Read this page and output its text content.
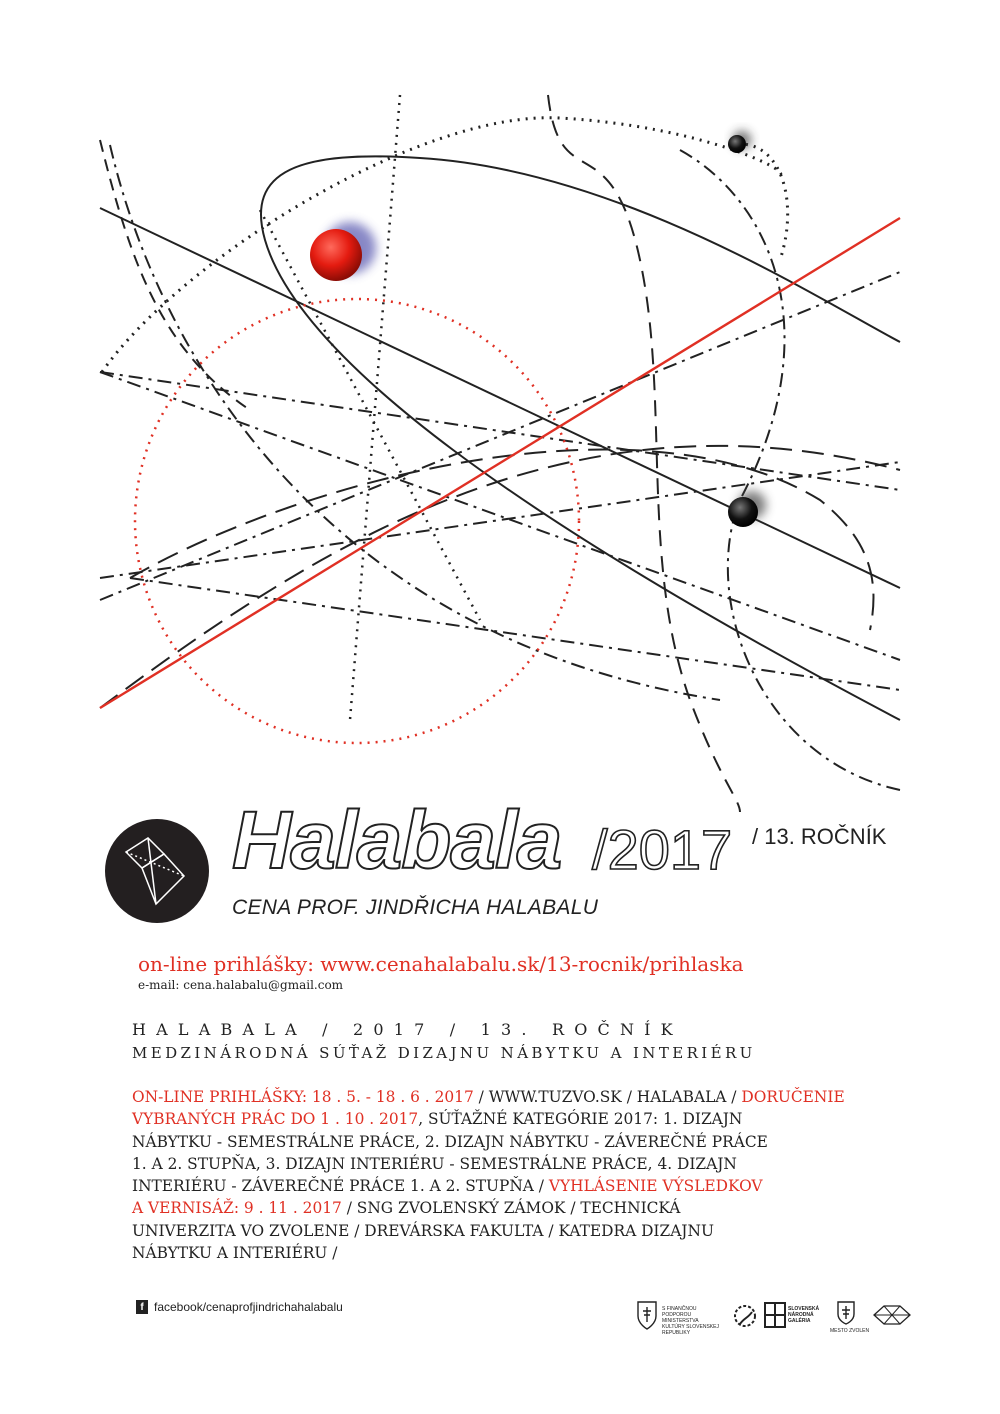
Halabala /2017 / 13. ROČNÍK
CENA PROF. JINDŘICHA HALABALU
on-line prihlášky: www.cenahalabalu.sk/13-rocnik/prihlaska
e-mail: cena.halabalu@gmail.com
HALABALA / 2017 / 13. ROČNÍK
MEDZINÁRODNÁ SÚŤAŽ DIZAJNU NÁBYTKU A INTERIÉRU
ON-LINE PRIHLÁŠKY: 18 . 5. - 18 . 6 . 2017 / WWW.TUZVO.SK / HALABALA / DORUČENIE
VYBRANÝCH PRÁC DO 1 . 10 . 2017, SÚŤAŽNÉ KATEGÓRIE 2017: 1. DIZAJN
NÁBYTKU - SEMESTRÁLNE PRÁCE, 2. DIZAJN NÁBYTKU - ZÁVEREČNÉ PRÁCE
1. A 2. STUPŇA, 3. DIZAJN INTERIÉRU - SEMESTRÁLNE PRÁCE, 4. DIZAJN
INTERIÉRU - ZÁVEREČNÉ PRÁCE 1. A 2. STUPŇA / VYHLÁSENIE VÝSLEDKOV
A VERNISÁŽ: 9 . 11 . 2017 / SNG ZVOLENSKÝ ZÁMOK / TECHNICKÁ
UNIVERZITA VO ZVOLENE / DREVÁRSKA FAKULTA / KATEDRA DIZAJNU
NÁBYTKU A INTERIÉRU /
f facebook/cenaprofjindrichahalabalu	S FINANČNOU PODPOROU MINISTERSTVA KULTÚRY SLOVENSKEJ REPUBLIKY
SLOVENSKÁ NÁRODNÁ GALÉRIA
MESTO ZVOLEN
